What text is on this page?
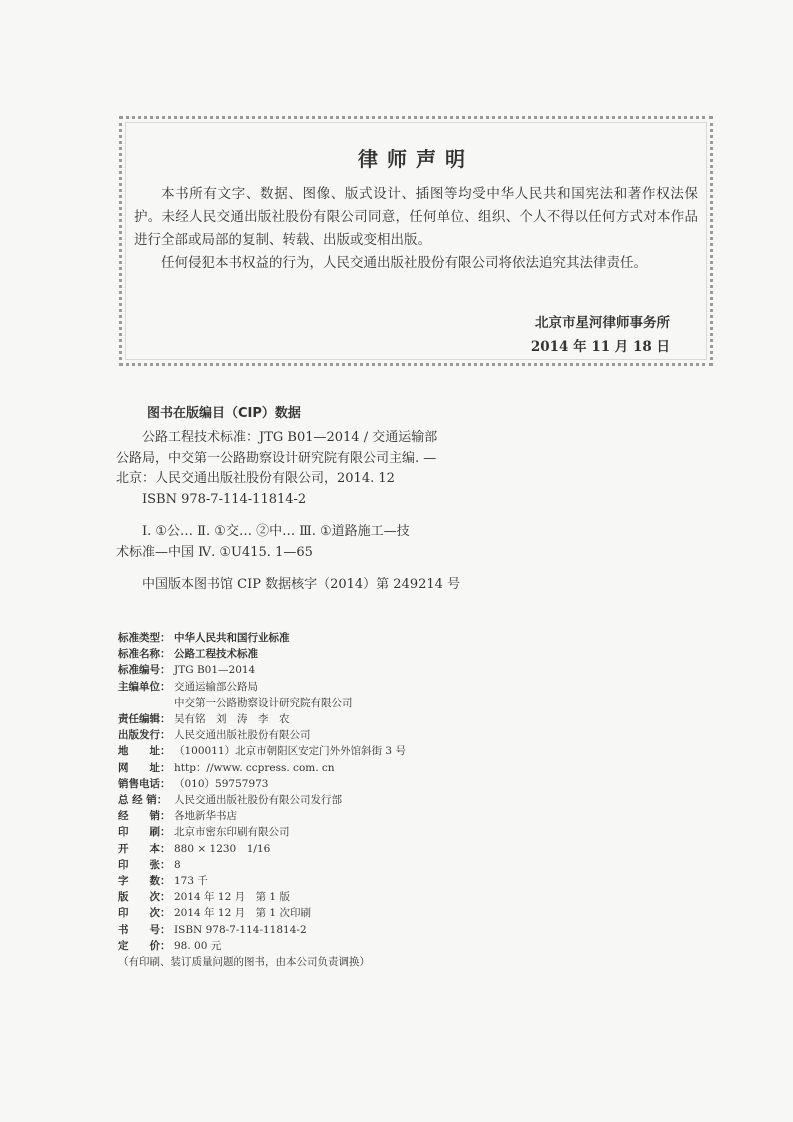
律师声明

本书所有文字、数据、图像、版式设计、插图等均受中华人民共和国宪法和著作权法保护。未经人民交通出版社股份有限公司同意，任何单位、组织、个人不得以任何方式对本作品进行全部或局部的复制、转载、出版或变相出版。

任何侵犯本书权益的行为，人民交通出版社股份有限公司将依法追究其法律责任。

北京市星河律师事务所
2014 年 11 月 18 日
图书在版编目（CIP）数据
公路工程技术标准：JTG B01—2014 / 交通运输部
公路局，中交第一公路勘察设计研究院有限公司主编. —
北京：人民交通出版社股份有限公司，2014. 12
ISBN 978-7-114-11814-2
Ⅰ. ①公… Ⅱ. ①交… ②中… Ⅲ. ①道路施工—技
术标准—中国 Ⅳ. ①U415. 1—65
中国版本图书馆 CIP 数据核字（2014）第 249214 号
标准类型： 中华人民共和国行业标准
标准名称： 公路工程技术标准
标准编号： JTG B01—2014
主编单位： 交通运输部公路局
中交第一公路勘察设计研究院有限公司
责任编辑： 吴有铭　刘　涛　李　农
出版发行： 人民交通出版社股份有限公司
地　　址： （100011）北京市朝阳区安定门外外馆斜街 3 号
网　　址： http：//www. ccpress. com. cn
销售电话： （010）59757973
总 经 销： 人民交通出版社股份有限公司发行部
经　　销： 各地新华书店
印　　刷： 北京市密东印刷有限公司
开　　本： 880 × 1230　1/16
印　　张： 8
字　　数： 173 千
版　　次： 2014 年 12 月　第 1 版
印　　次： 2014 年 12 月　第 1 次印刷
书　　号： ISBN 978-7-114-11814-2
定　　价： 98. 00 元
（有印刷、装订质量问题的图书，由本公司负责调换）
